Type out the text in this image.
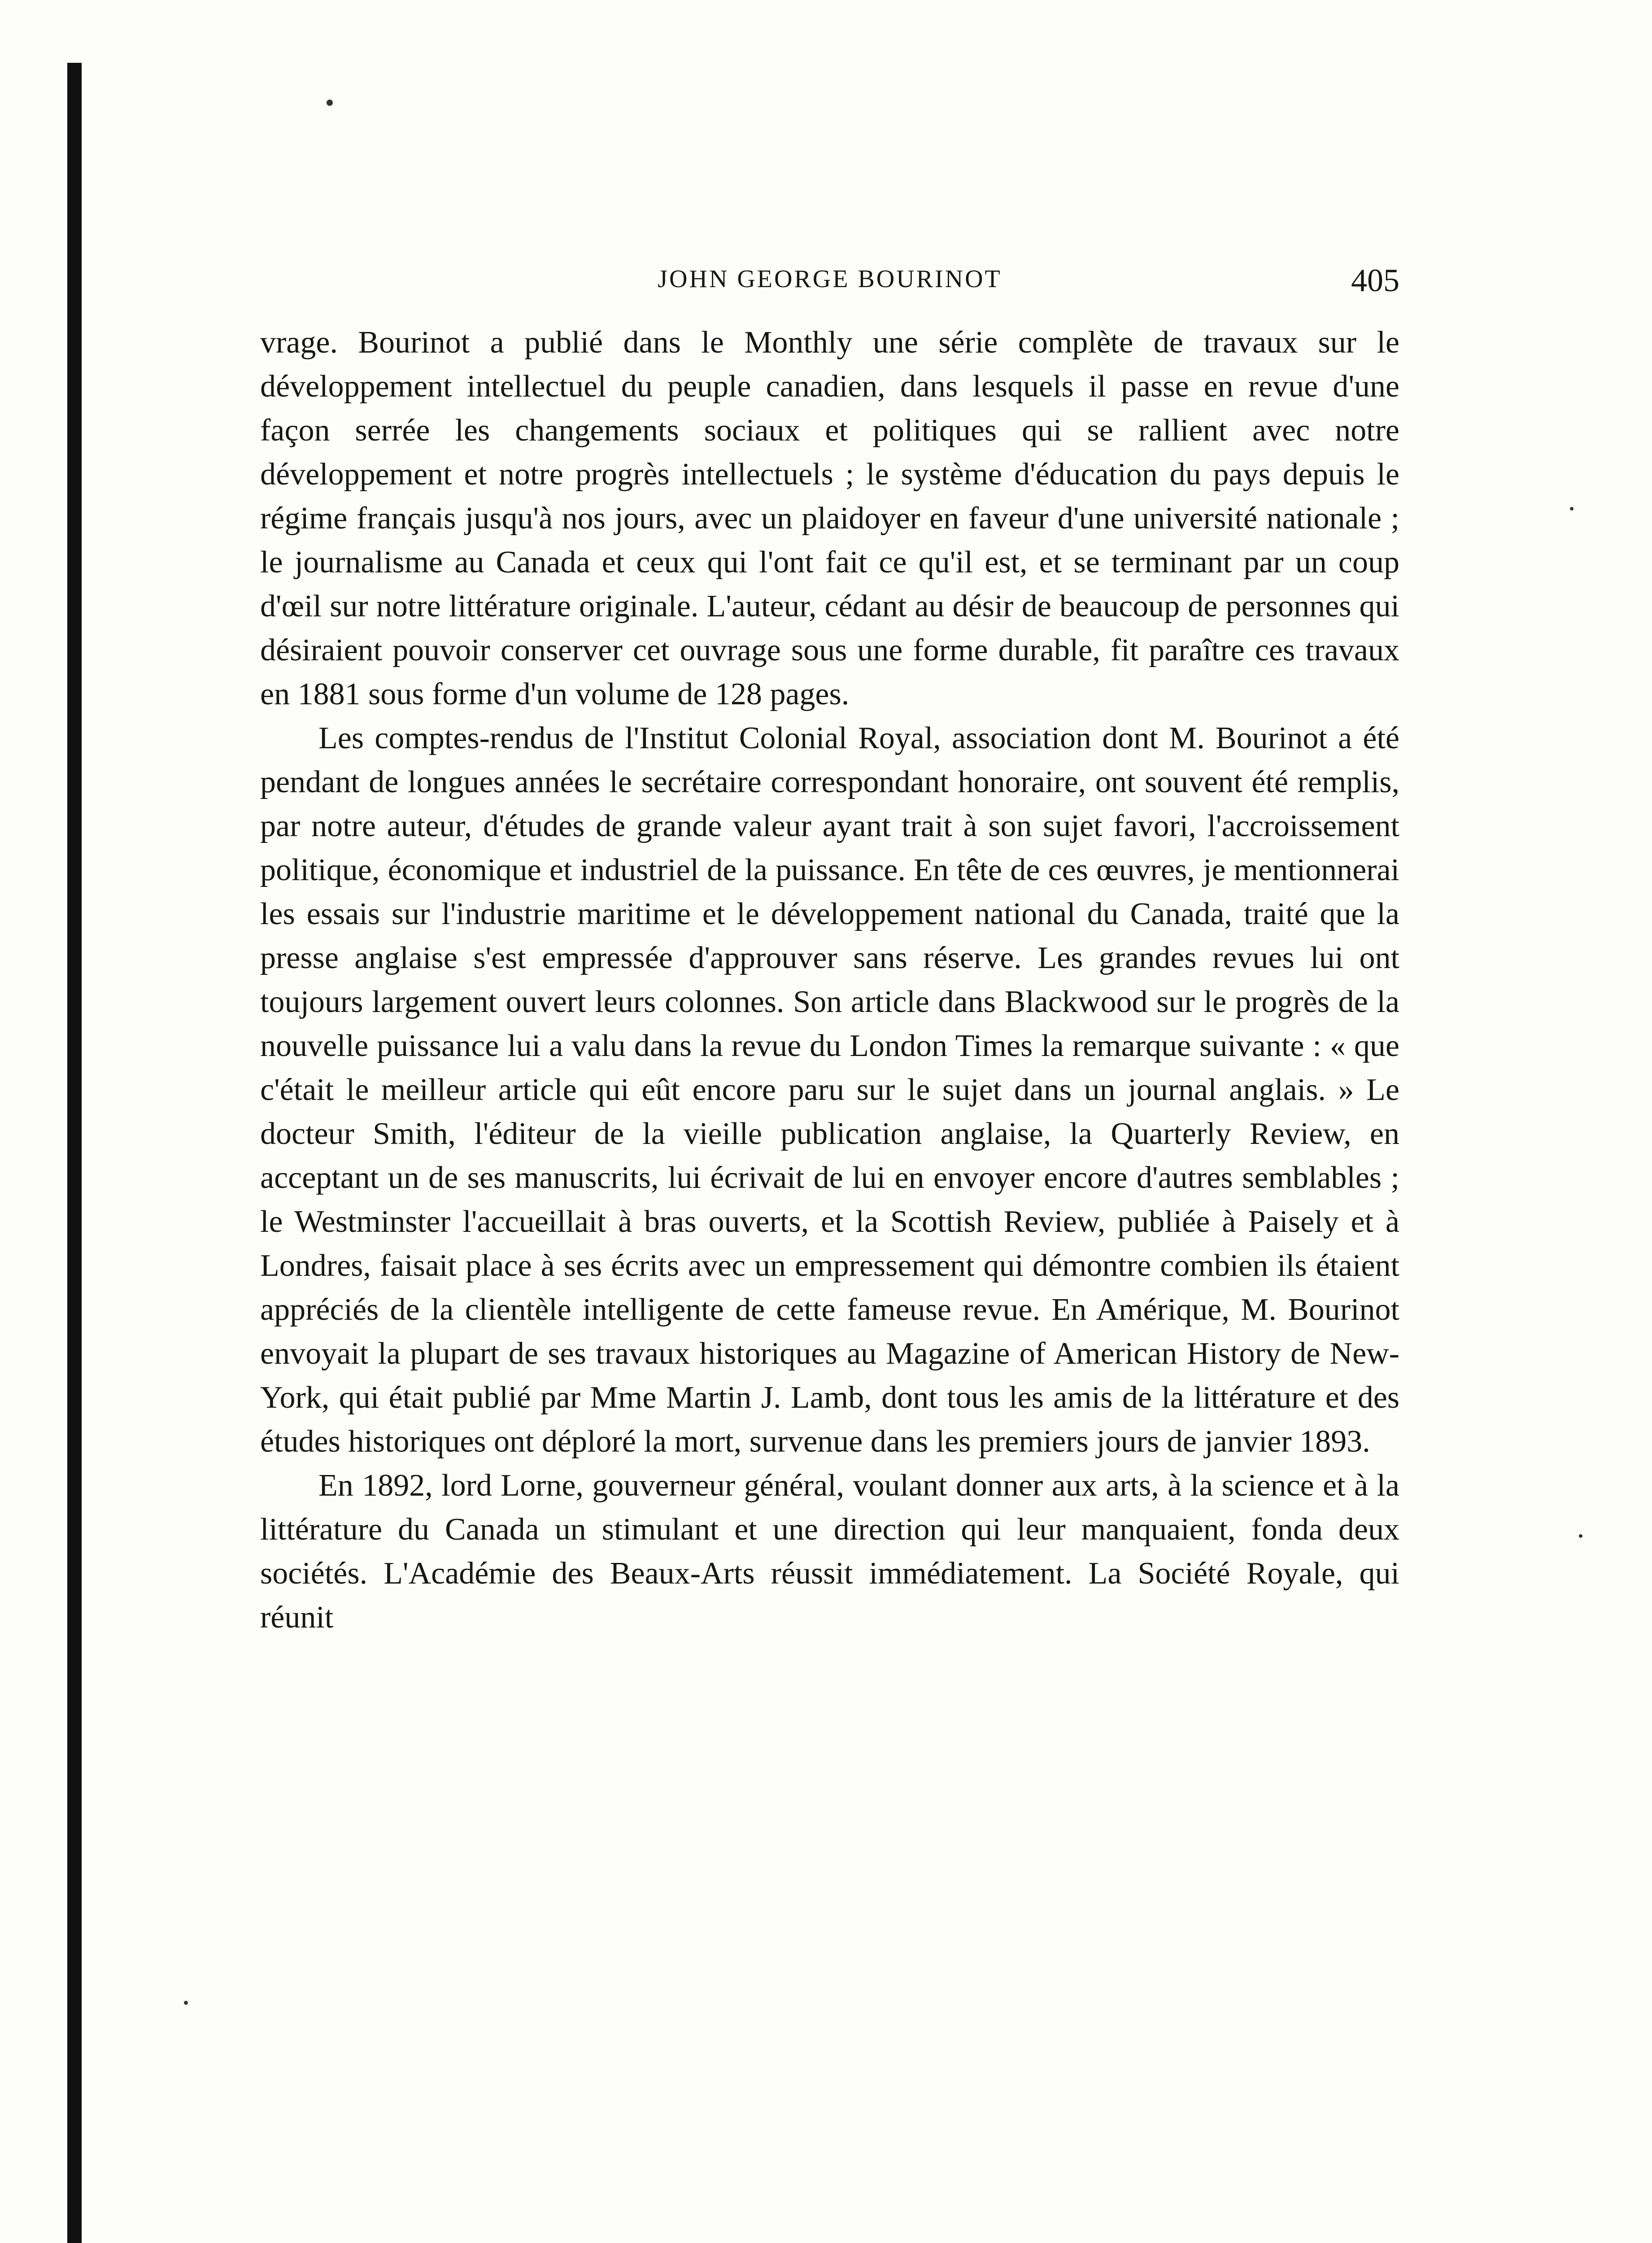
JOHN GEORGE BOURINOT	405

vrage. Bourinot a publié dans le Monthly une série complète de travaux sur le développement intellectuel du peuple canadien, dans lesquels il passe en revue d'une façon serrée les changements sociaux et politiques qui se rallient avec notre développement et notre progrès intellectuels ; le système d'éducation du pays depuis le régime français jusqu'à nos jours, avec un plaidoyer en faveur d'une université nationale ; le journalisme au Canada et ceux qui l'ont fait ce qu'il est, et se terminant par un coup d'œil sur notre littérature originale. L'auteur, cédant au désir de beaucoup de personnes qui désiraient pouvoir conserver cet ouvrage sous une forme durable, fit paraître ces travaux en 1881 sous forme d'un volume de 128 pages.

Les comptes-rendus de l'Institut Colonial Royal, association dont M. Bourinot a été pendant de longues années le secrétaire correspondant honoraire, ont souvent été remplis, par notre auteur, d'études de grande valeur ayant trait à son sujet favori, l'accroissement politique, économique et industriel de la puissance. En tête de ces œuvres, je mentionnerai les essais sur l'industrie maritime et le développement national du Canada, traité que la presse anglaise s'est empressée d'approuver sans réserve. Les grandes revues lui ont toujours largement ouvert leurs colonnes. Son article dans Blackwood sur le progrès de la nouvelle puissance lui a valu dans la revue du London Times la remarque suivante : « que c'était le meilleur article qui eût encore paru sur le sujet dans un journal anglais. » Le docteur Smith, l'éditeur de la vieille publication anglaise, la Quarterly Review, en acceptant un de ses manuscrits, lui écrivait de lui en envoyer encore d'autres semblables ; le Westminster l'accueillait à bras ouverts, et la Scottish Review, publiée à Paisely et à Londres, faisait place à ses écrits avec un empressement qui démontre combien ils étaient appréciés de la clientèle intelligente de cette fameuse revue. En Amérique, M. Bourinot envoyait la plupart de ses travaux historiques au Magazine of American History de New-York, qui était publié par Mme Martin J. Lamb, dont tous les amis de la littérature et des études historiques ont déploré la mort, survenue dans les premiers jours de janvier 1893.

En 1892, lord Lorne, gouverneur général, voulant donner aux arts, à la science et à la littérature du Canada un stimulant et une direction qui leur manquaient, fonda deux sociétés. L'Académie des Beaux-Arts réussit immédiatement. La Société Royale, qui réunit
